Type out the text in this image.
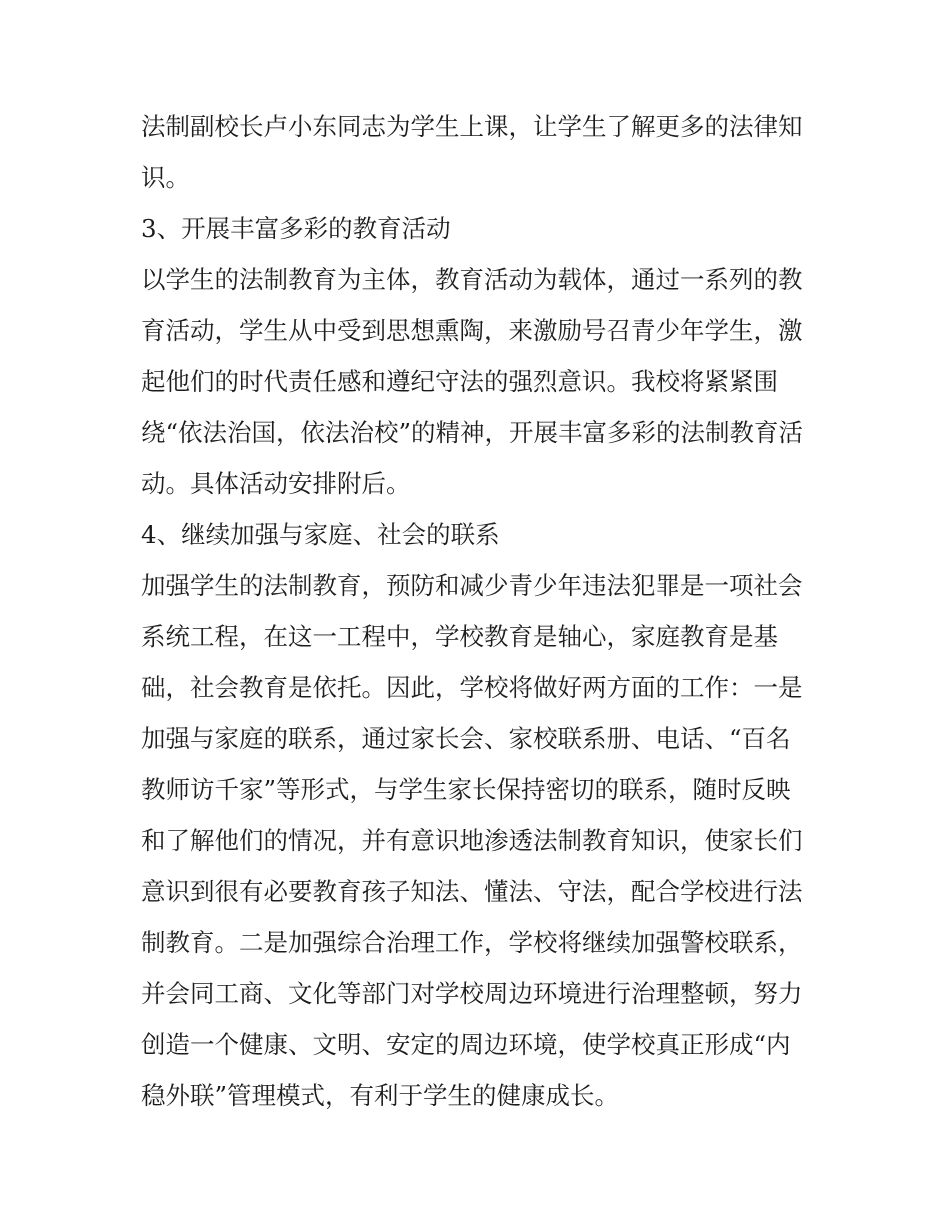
法制副校长卢小东同志为学生上课，让学生了解更多的法律知

识。

3、开展丰富多彩的教育活动

以学生的法制教育为主体，教育活动为载体，通过一系列的教

育活动，学生从中受到思想熏陶，来激励号召青少年学生，激

起他们的时代责任感和遵纪守法的强烈意识。我校将紧紧围

绕“依法治国，依法治校”的精神，开展丰富多彩的法制教育活

动。具体活动安排附后。

4、继续加强与家庭、社会的联系

加强学生的法制教育，预防和减少青少年违法犯罪是一项社会

系统工程，在这一工程中，学校教育是轴心，家庭教育是基

础，社会教育是依托。因此，学校将做好两方面的工作：一是

加强与家庭的联系，通过家长会、家校联系册、电话、“百名

教师访千家”等形式，与学生家长保持密切的联系，随时反映

和了解他们的情况，并有意识地渗透法制教育知识，使家长们

意识到很有必要教育孩子知法、懂法、守法，配合学校进行法

制教育。二是加强综合治理工作，学校将继续加强警校联系，

并会同工商、文化等部门对学校周边环境进行治理整顿，努力

创造一个健康、文明、安定的周边环境，使学校真正形成“内

稳外联”管理模式，有利于学生的健康成长。
